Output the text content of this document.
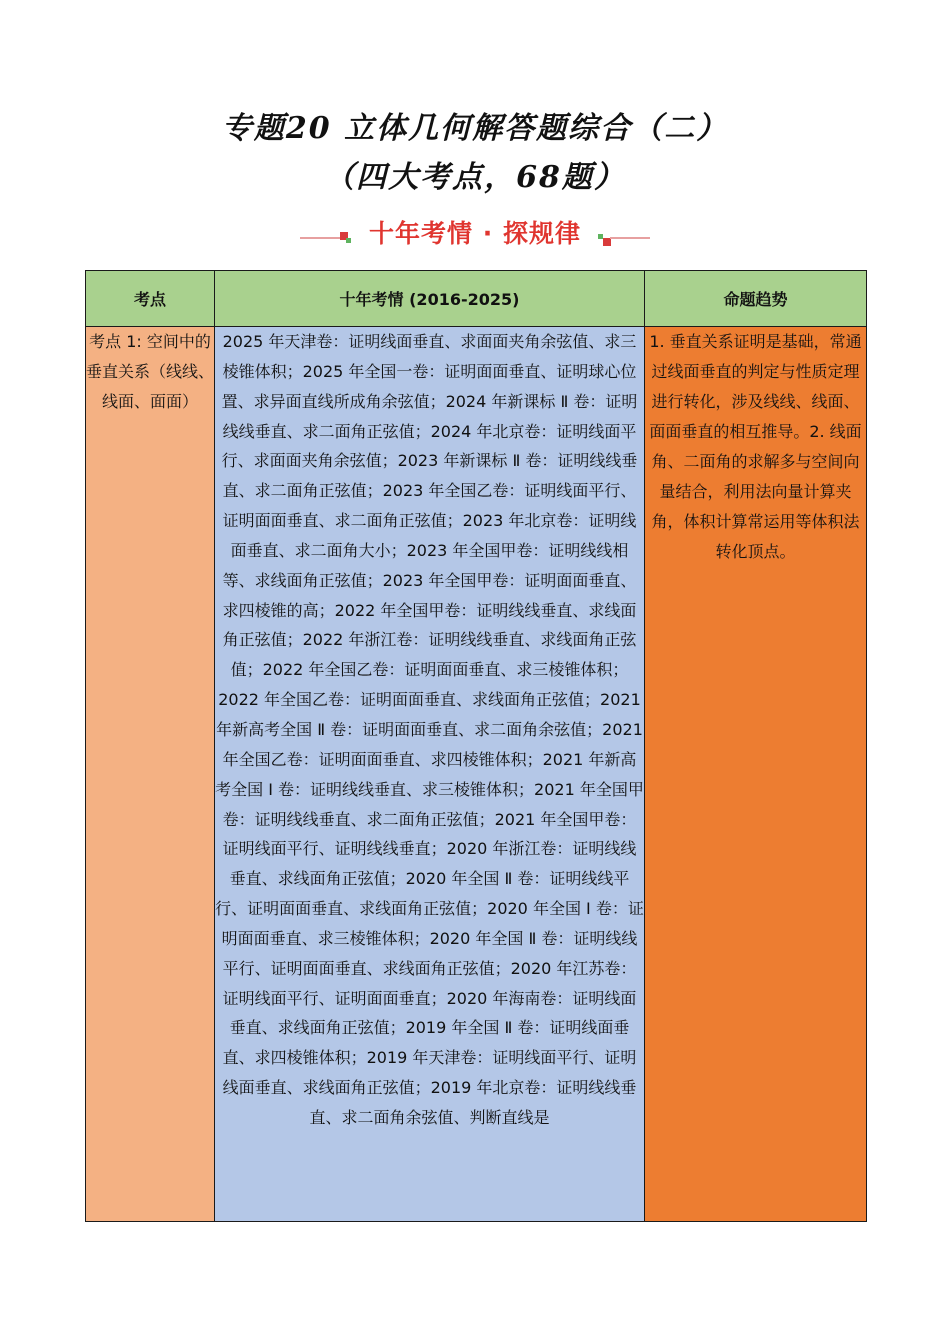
专题20 立体几何解答题综合（二）
（四大考点，68题）
十年考情 · 探规律
考点	十年考情 (2016-2025)	命题趋势

考点 1: 空间中的垂直关系（线线、线面、面面）	2025 年天津卷：证明线面垂直、求面面夹角余弦值、求三棱锥体积；2025 年全国一卷：证明面面垂直、证明球心位置、求异面直线所成角余弦值；2024 年新课标 Ⅱ 卷：证明线线垂直、求二面角正弦值；2024 年北京卷：证明线面平行、求面面夹角余弦值；2023 年新课标 Ⅱ 卷：证明线线垂直、求二面角正弦值；2023 年全国乙卷：证明线面平行、证明面面垂直、求二面角正弦值；2023 年北京卷：证明线面垂直、求二面角大小；2023 年全国甲卷：证明线线相等、求线面角正弦值；2023 年全国甲卷：证明面面垂直、求四棱锥的高；2022 年全国甲卷：证明线线垂直、求线面角正弦值；2022 年浙江卷：证明线线垂直、求线面角正弦值；2022 年全国乙卷：证明面面垂直、求三棱锥体积；2022 年全国乙卷：证明面面垂直、求线面角正弦值；2021 年新高考全国 Ⅱ 卷：证明面面垂直、求二面角余弦值；2021 年全国乙卷：证明面面垂直、求四棱锥体积；2021 年新高考全国 Ⅰ 卷：证明线线垂直、求三棱锥体积；2021 年全国甲卷：证明线线垂直、求二面角正弦值；2021 年全国甲卷：证明线面平行、证明线线垂直；2020 年浙江卷：证明线线垂直、求线面角正弦值；2020 年全国 Ⅱ 卷：证明线线平行、证明面面垂直、求线面角正弦值；2020 年全国 Ⅰ 卷：证明面面垂直、求三棱锥体积；2020 年全国 Ⅱ 卷：证明线线平行、证明面面垂直、求线面角正弦值；2020 年江苏卷：证明线面平行、证明面面垂直；2020 年海南卷：证明线面垂直、求线面角正弦值；2019 年全国 Ⅱ 卷：证明线面垂直、求四棱锥体积；2019 年天津卷：证明线面平行、证明线面垂直、求线面角正弦值；2019 年北京卷：证明线线垂直、求二面角余弦值、判断直线是	1. 垂直关系证明是基础，常通过线面垂直的判定与性质定理进行转化，涉及线线、线面、面面垂直的相互推导。2. 线面角、二面角的求解多与空间向量结合，利用法向量计算夹角，体积计算常运用等体积法转化顶点。
